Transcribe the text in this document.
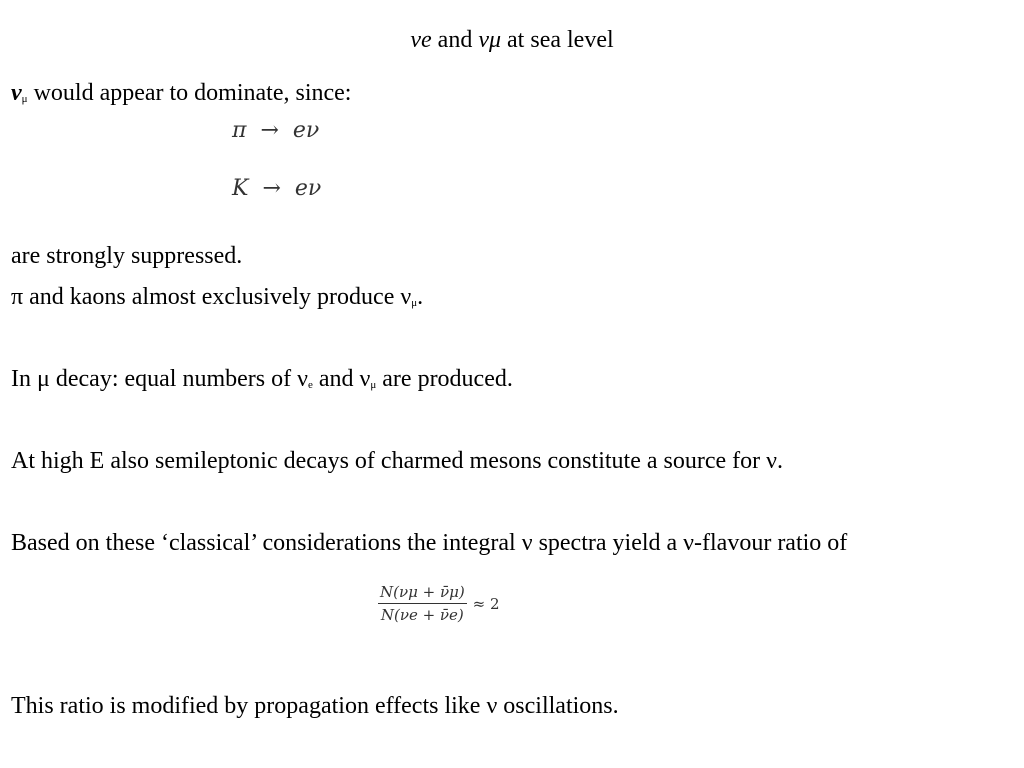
νe and νμ at sea level
νμ would appear to dominate, since:
π → eν
K → eν
are strongly suppressed.
π and kaons almost exclusively produce νμ.
In μ decay: equal numbers of νe and νμ are produced.
At high E also semileptonic decays of charmed mesons constitute a source for ν.
Based on these ‘classical’ considerations the integral ν spectra yield a ν-flavour ratio of
$\frac{N(\nu\mu + \nū\mu)}{N(\nu e + \nūe)} \approx 2$
This ratio is modified by propagation effects like ν oscillations.
